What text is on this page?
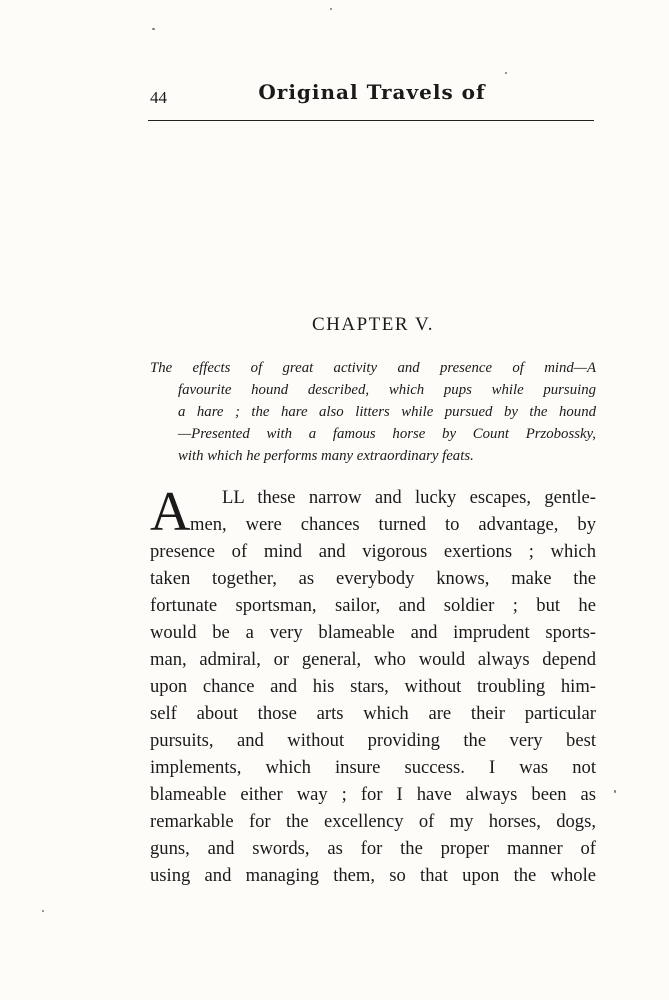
44	Original Travels of
CHAPTER V.
The effects of great activity and presence of mind—A
favourite hound described, which pups while pursuing
a hare ; the hare also litters while pursued by the hound
—Presented with a famous horse by Count Przobossky,
with which he performs many extraordinary feats.
A	LL these narrow and lucky escapes, gentle-
men, were chances turned to advantage, by
presence of mind and vigorous exertions ; which
taken together, as everybody knows, make the
fortunate sportsman, sailor, and soldier ; but he
would be a very blameable and imprudent sports-
man, admiral, or general, who would always depend
upon chance and his stars, without troubling him-
self about those arts which are their particular
pursuits, and without providing the very best
implements, which insure success. I was not
blameable either way ; for I have always been as
remarkable for the excellency of my horses, dogs,
guns, and swords, as for the proper manner of
using and managing them, so that upon the whole
